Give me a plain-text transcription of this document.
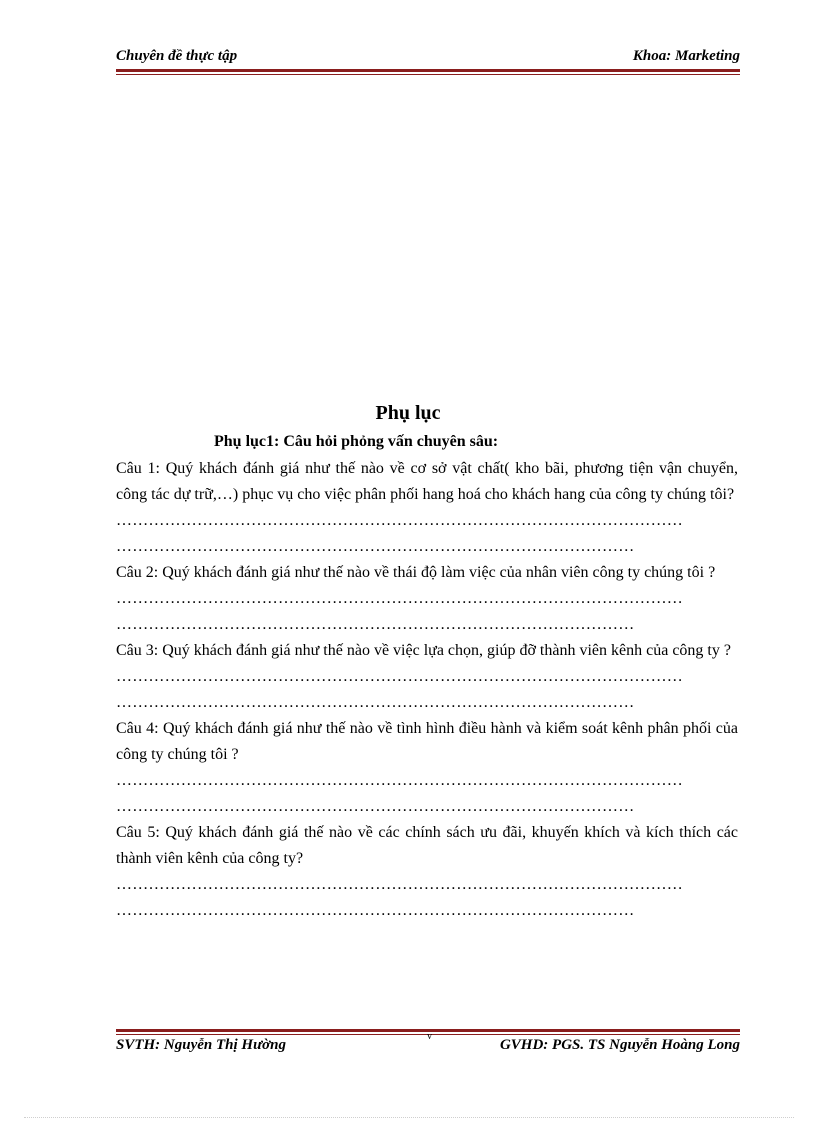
Chuyên đề thực tập	Khoa: Marketing
Phụ lục
Phụ lục1: Câu hỏi phỏng vấn chuyên sâu:

Câu 1: Quý khách đánh giá như thế nào về cơ sở vật chất( kho bãi, phương tiện vận chuyển, công tác dự trữ,…) phục vụ cho việc phân phối hang hoá cho khách hang của công ty chúng tôi?

……………………………………………………………………………………………

……………………………………………………………………………………

Câu 2: Quý khách đánh giá như thế nào về thái độ làm việc của nhân viên công ty chúng tôi ?

……………………………………………………………………………………………

……………………………………………………………………………………

Câu 3: Quý khách đánh giá như thế nào về việc lựa chọn, giúp đỡ thành viên kênh của công ty ?

……………………………………………………………………………………………

……………………………………………………………………………………

Câu 4: Quý khách đánh giá như thế nào về tình hình điều hành và kiểm soát kênh phân phối của công ty chúng tôi ?

……………………………………………………………………………………………

……………………………………………………………………………………

Câu 5: Quý khách đánh giá thế nào về các chính sách ưu đãi, khuyến khích và kích thích các thành viên kênh của công ty?

……………………………………………………………………………………………

……………………………………………………………………………………

SVTH: Nguyễn Thị Hường
v
GVHD: PGS. TS Nguyễn Hoàng Long
